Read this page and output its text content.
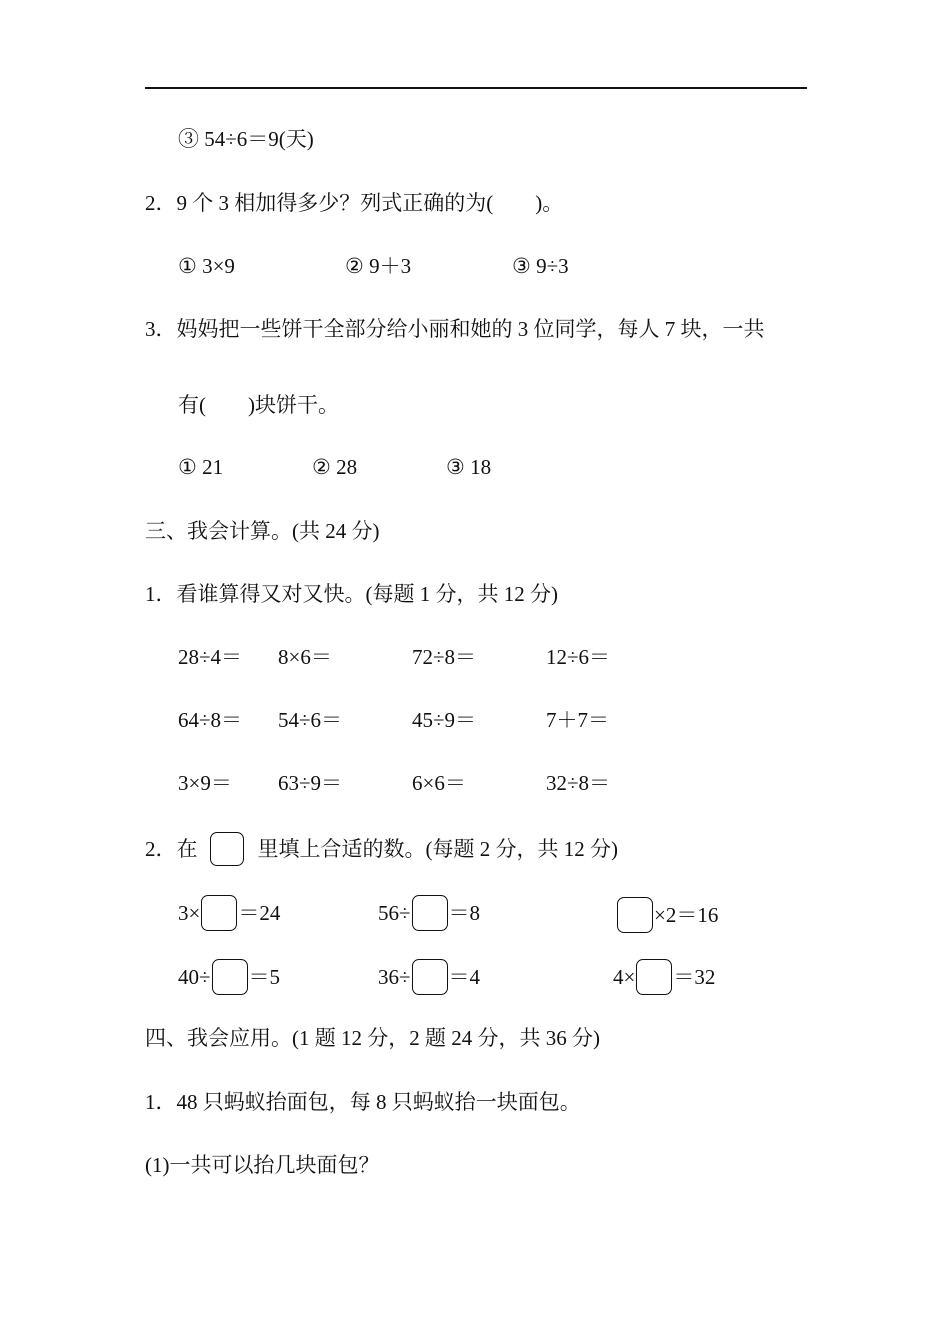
③ 54÷6＝9(天)
2．9 个 3 相加得多少？列式正确的为(　　)。
① 3×9	② 9＋3	③ 9÷3
3．妈妈把一些饼干全部分给小丽和她的 3 位同学，每人 7 块，一共
有(　　)块饼干。
① 21	② 28	③ 18
三、我会计算。(共 24 分)
1．看谁算得又对又快。(每题 1 分，共 12 分)
28÷4＝ 8×6＝	72÷8＝	12÷6＝
64÷8＝ 54÷6＝	45÷9＝	7＋7＝
3×9＝ 63÷9＝	6×6＝	32÷8＝
2．在	里填上合适的数。(每题 2 分，共 12 分)
3× ＝24	56÷ ＝8	×2＝16
40÷ ＝5	36÷ ＝4	4× ＝32
四、我会应用。(1 题 12 分，2 题 24 分，共 36 分)
1．48 只蚂蚁抬面包，每 8 只蚂蚁抬一块面包。
(1)一共可以抬几块面包？
